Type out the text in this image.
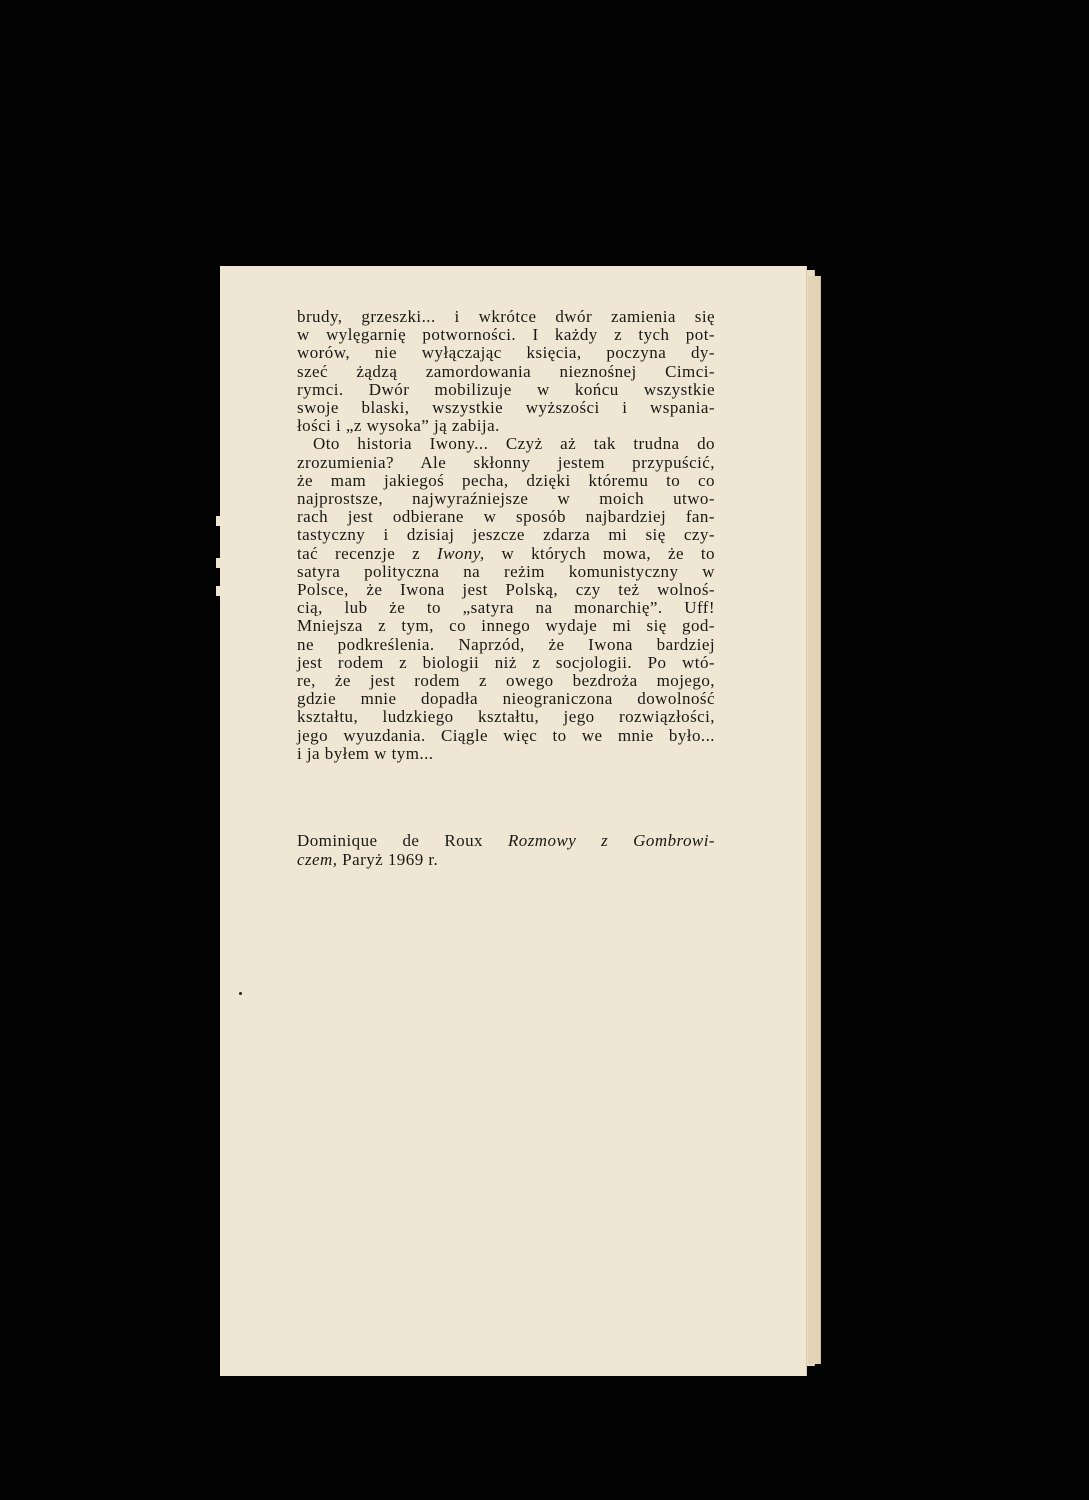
brudy, grzeszki... i wkrótce dwór zamienia się
w wylęgarnię potworności. I każdy z tych pot-
worów, nie wyłączając księcia, poczyna dy-
szeć żądzą zamordowania nieznośnej Cimci-
rymci. Dwór mobilizuje w końcu wszystkie
swoje blaski, wszystkie wyższości i wspania-
łości i „z wysoka” ją zabija.
Oto historia Iwony... Czyż aż tak trudna do
zrozumienia? Ale skłonny jestem przypuścić,
że mam jakiegoś pecha, dzięki któremu to co
najprostsze, najwyraźniejsze w moich utwo-
rach jest odbierane w sposób najbardziej fan-
tastyczny i dzisiaj jeszcze zdarza mi się czy-
tać recenzje z Iwony, w których mowa, że to
satyra polityczna na reżim komunistyczny w
Polsce, że Iwona jest Polską, czy też wolnoś-
cią, lub że to „satyra na monarchię”. Uff!
Mniejsza z tym, co innego wydaje mi się god-
ne podkreślenia. Naprzód, że Iwona bardziej
jest rodem z biologii niż z socjologii. Po wtó-
re, że jest rodem z owego bezdroża mojego,
gdzie mnie dopadła nieograniczona dowolność
kształtu, ludzkiego kształtu, jego rozwiązłości,
jego wyuzdania. Ciągle więc to we mnie było...
i ja byłem w tym...
Dominique de Roux Rozmowy z Gombrowi-
czem, Paryż 1969 r.
